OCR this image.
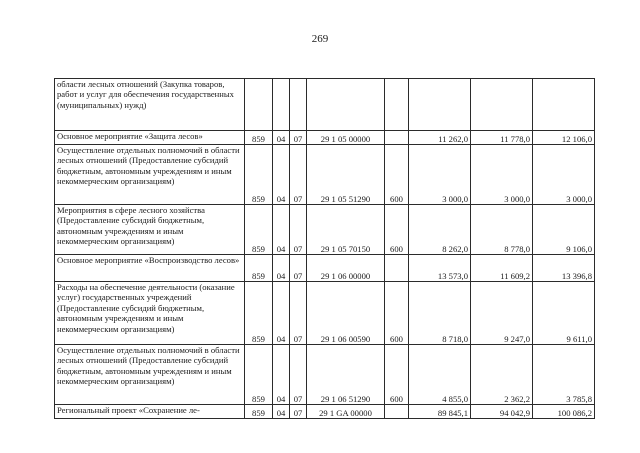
269
области лесных отношений (Закупка товаров, работ и услуг для обеспечения государственных (муниципальных) нужд)								
Основное мероприятие «Защита лесов»	859	04	07	29 1 05 00000		11 262,0	11 778,0	12 106,0
Осуществление отдельных полномочий в области лесных отношений (Предоставление субсидий бюджетным, автономным учреждениям и иным некоммерческим организациям)	859	04	07	29 1 05 51290	600	3 000,0	3 000,0	3 000,0
Мероприятия в сфере лесного хозяйства (Предоставление субсидий бюджетным, автономным учреждениям и иным некоммерческим организациям)	859	04	07	29 1 05 70150	600	8 262,0	8 778,0	9 106,0
Основное мероприятие «Воспроизводство лесов»	859	04	07	29 1 06 00000		13 573,0	11 609,2	13 396,8
Расходы на обеспечение деятельности (оказание услуг) государственных учреждений (Предоставление субсидий бюджетным, автономным учреждениям и иным некоммерческим организациям)	859	04	07	29 1 06 00590	600	8 718,0	9 247,0	9 611,0
Осуществление отдельных полномочий в области лесных отношений (Предоставление субсидий бюджетным, автономным учреждениям и иным некоммерческим организациям)	859	04	07	29 1 06 51290	600	4 855,0	2 362,2	3 785,8
Региональный проект «Сохранение ле-	859	04	07	29 1 GA 00000		89 845,1	94 042,9	100 086,2
